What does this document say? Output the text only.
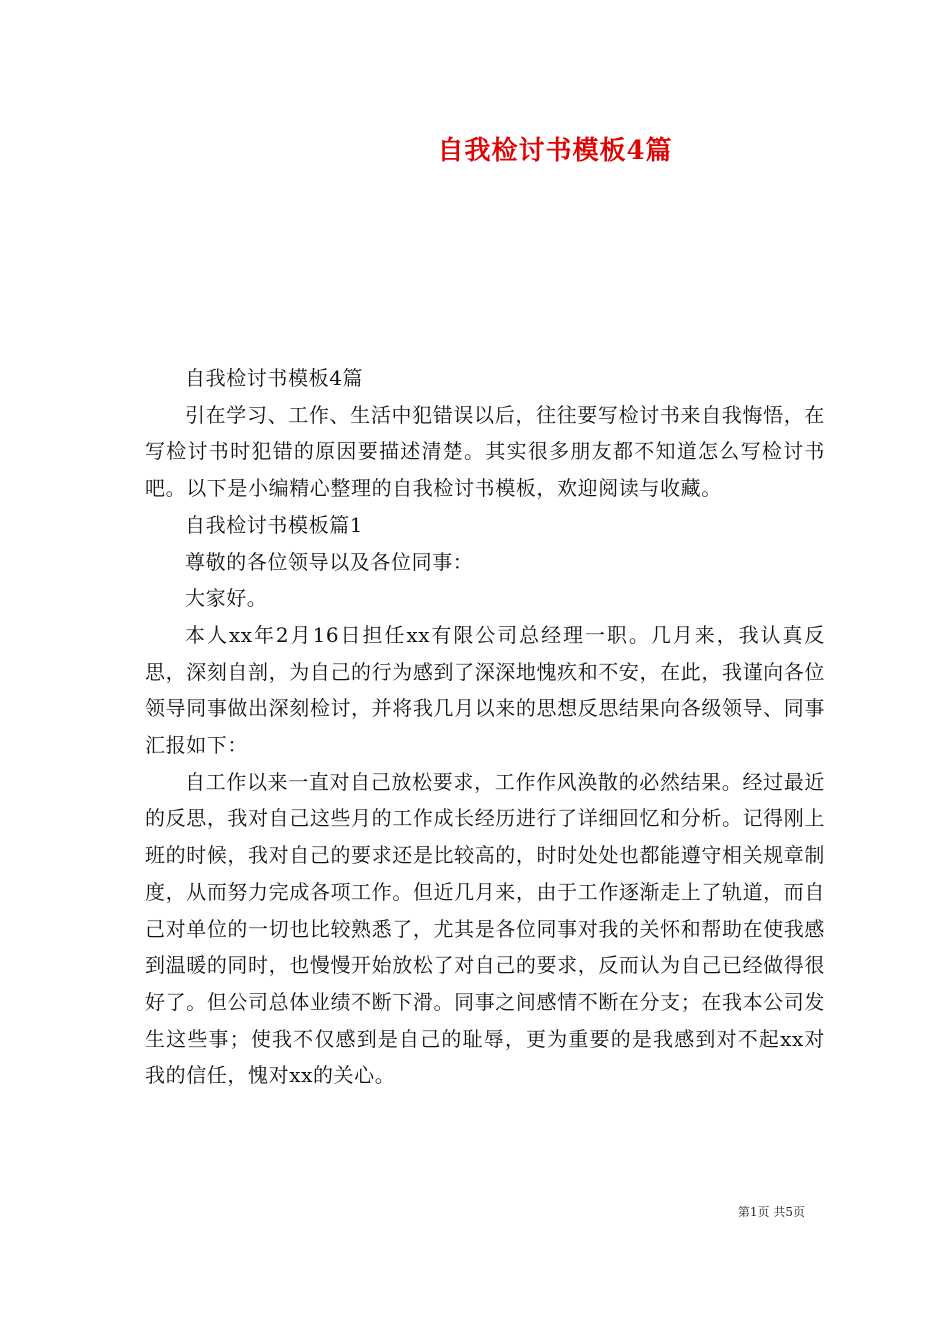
自我检讨书模板4篇

自我检讨书模板4篇

引在学习、工作、生活中犯错误以后，往往要写检讨书来自我悔悟，在写检讨书时犯错的原因要描述清楚。其实很多朋友都不知道怎么写检讨书吧。以下是小编精心整理的自我检讨书模板，欢迎阅读与收藏。

自我检讨书模板篇1

尊敬的各位领导以及各位同事：

大家好。

本人xx年2月16日担任xx有限公司总经理一职。几月来，我认真反思，深刻自剖，为自己的行为感到了深深地愧疚和不安，在此，我谨向各位领导同事做出深刻检讨，并将我几月以来的思想反思结果向各级领导、同事汇报如下：

自工作以来一直对自己放松要求，工作作风涣散的必然结果。经过最近的反思，我对自己这些月的工作成长经历进行了详细回忆和分析。记得刚上班的时候，我对自己的要求还是比较高的，时时处处也都能遵守相关规章制度，从而努力完成各项工作。但近几月来，由于工作逐渐走上了轨道，而自己对单位的一切也比较熟悉了，尤其是各位同事对我的关怀和帮助在使我感到温暖的同时，也慢慢开始放松了对自己的要求，反而认为自己已经做得很好了。但公司总体业绩不断下滑。同事之间感情不断在分支；在我本公司发生这些事；使我不仅感到是自己的耻辱，更为重要的是我感到对不起xx对我的信任，愧对xx的关心。

第1页 共5页
